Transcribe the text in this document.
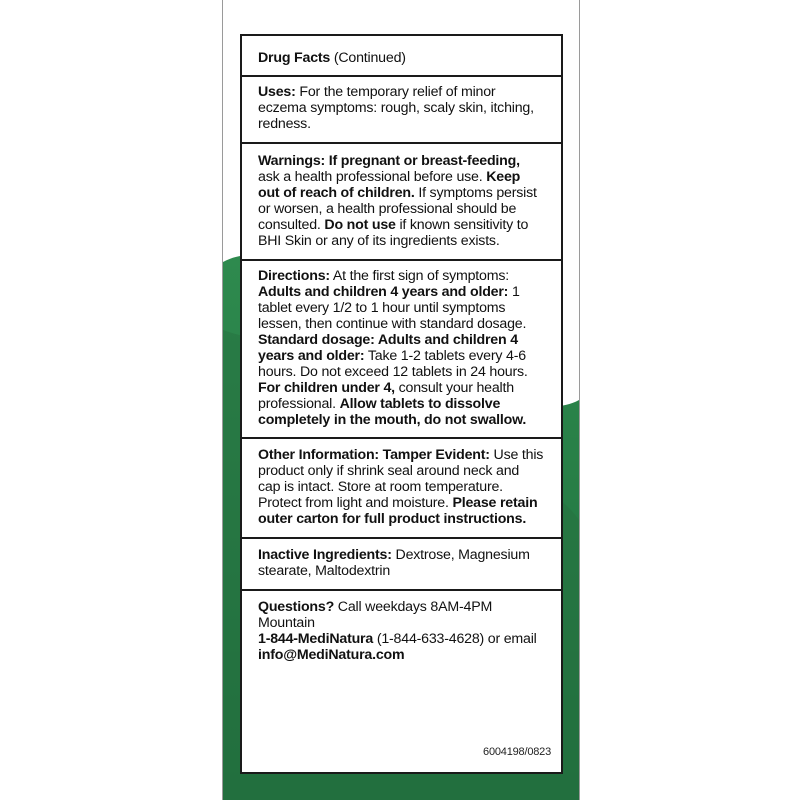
Drug Facts (Continued)

Uses: For the temporary relief of minor eczema symptoms: rough, scaly skin, itching, redness.

Warnings: If pregnant or breast-feeding, ask a health professional before use. Keep out of reach of children. If symptoms persist or worsen, a health professional should be consulted. Do not use if known sensitivity to BHI Skin or any of its ingredients exists.

Directions: At the first sign of symptoms:

Adults and children 4 years and older: 1 tablet every 1/2 to 1 hour until symptoms lessen, then continue with standard dosage.

Standard dosage: Adults and children 4 years and older: Take 1-2 tablets every 4-6 hours. Do not exceed 12 tablets in 24 hours. For children under 4, consult your health professional. Allow tablets to dissolve completely in the mouth, do not swallow.

Other Information: Tamper Evident: Use this product only if shrink seal around neck and cap is intact. Store at room temperature. Protect from light and moisture. Please retain outer carton for full product instructions.

Inactive Ingredients: Dextrose, Magnesium stearate, Maltodextrin

Questions? Call weekdays 8AM-4PM Mountain
1-844-MediNatura (1-844-633-4628) or email info@MediNatura.com

6004198/0823
